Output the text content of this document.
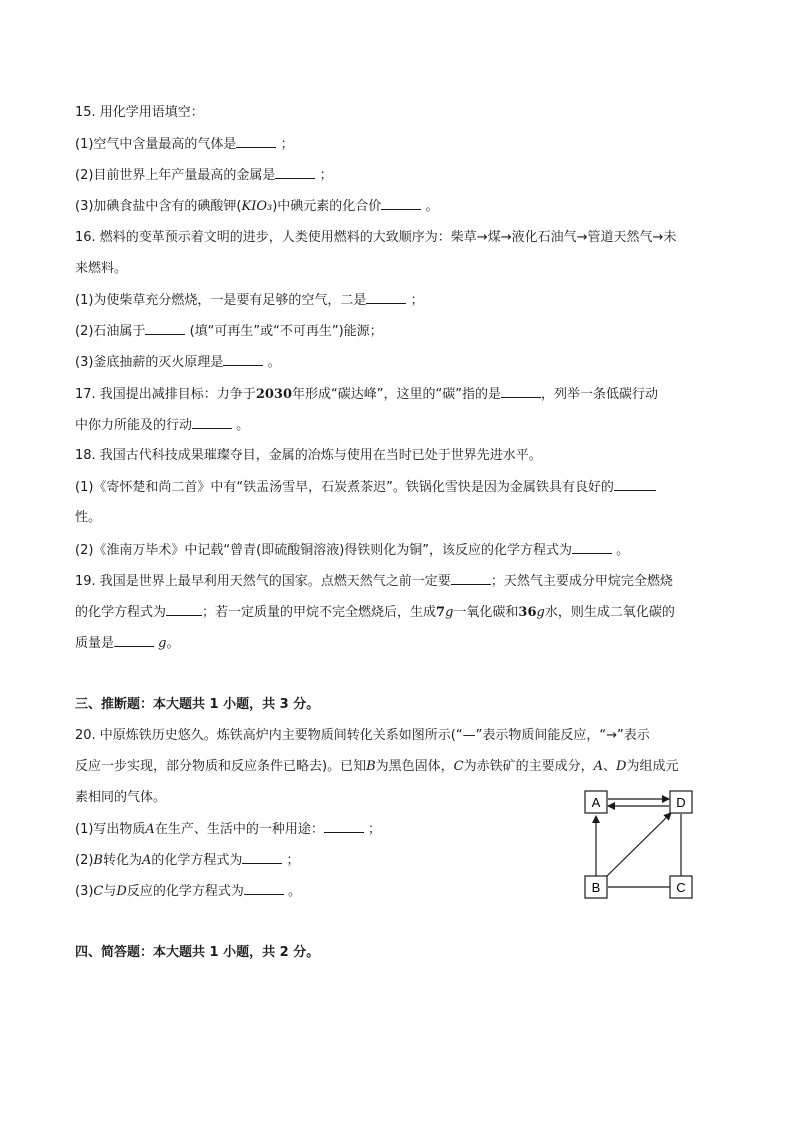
15. 用化学用语填空：
(1)空气中含量最高的气体是	；
(2)目前世界上年产量最高的金属是	；
(3)加碘食盐中含有的碘酸钾(KIO₃)中碘元素的化合价	。
16. 燃料的变革预示着文明的进步，人类使用燃料的大致顺序为：柴草→煤→液化石油气→管道天然气→未
来燃料。
(1)为使柴草充分燃烧，一是要有足够的空气，二是	；
(2)石油属于	(填“可再生”或“不可再生”)能源；
(3)釜底抽薪的灭火原理是	。
17. 我国提出减排目标：力争于2030年形成“碳达峰”，这里的“碳”指的是	，列举一条低碳行动
中你力所能及的行动	。
18. 我国古代科技成果璀璨夺目，金属的冶炼与使用在当时已处于世界先进水平。
(1)《寄怀楚和尚二首》中有“铁盂汤雪早，石炭煮茶迟”。铁锅化雪快是因为金属铁具有良好的
性。
(2)《淮南万毕术》中记载“曾青(即硫酸铜溶液)得铁则化为铜”，该反应的化学方程式为	。
19. 我国是世界上最早利用天然气的国家。点燃天然气之前一定要	；天然气主要成分甲烷完全燃烧
的化学方程式为	；若一定质量的甲烷不完全燃烧后，生成7g一氧化碳和36g水，则生成二氧化碳的
质量是	g。
三、推断题：本大题共 1 小题，共 3 分。
20. 中原炼铁历史悠久。炼铁高炉内主要物质间转化关系如图所示(“—”表示物质间能反应，“→”表示
反应一步实现，部分物质和反应条件已略去)。已知B为黑色固体，C为赤铁矿的主要成分，A、D为组成元
素相同的气体。
(1)写出物质A在生产、生活中的一种用途：	；
(2)B转化为A的化学方程式为	；
(3)C与D反应的化学方程式为	。
A	D
B	C
四、简答题：本大题共 1 小题，共 2 分。
